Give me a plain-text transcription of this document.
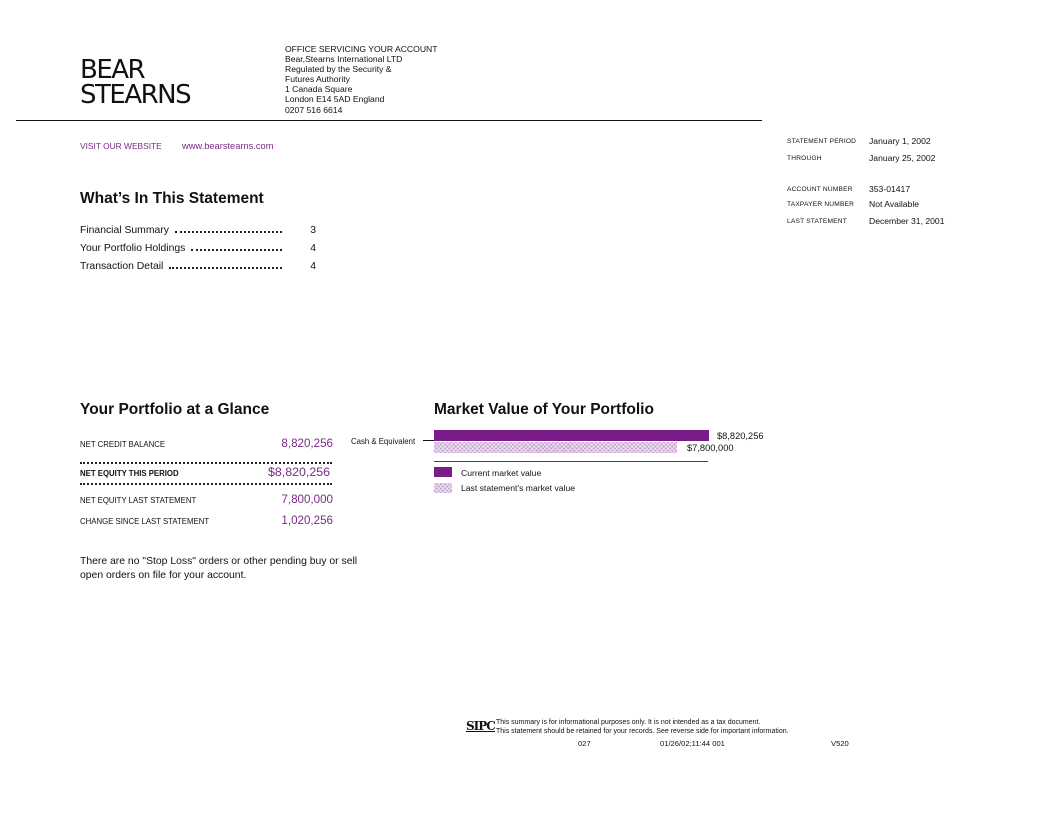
BEAR
STEARNS
OFFICE SERVICING YOUR ACCOUNT
Bear,Stearns International LTD
Regulated by the Security &
Futures Authority
1 Canada Square
London E14 5AD England
0207 516 6614
VISIT OUR WEBSITE www.bearstearns.com	STATEMENT PERIOD January 1, 2002
THROUGH	January 25, 2002
ACCOUNT NUMBER 353-01417
TAXPAYER NUMBER Not Available
LAST STATEMENT	December 31, 2001
What’s In This Statement
Financial Summary	3
Your Portfolio Holdings	4
Transaction Detail	4
Your Portfolio at a Glance
NET CREDIT BALANCE	8,820,256
NET EQUITY THIS PERIOD	$8,820,256
NET EQUITY LAST STATEMENT	7,800,000
CHANGE SINCE LAST STATEMENT	1,020,256
There are no "Stop Loss" orders or other pending buy or sell open orders on file for your account.
Market Value of Your Portfolio
Cash & Equivalent
$8,820,256
$7,800,000
Current market value
Last statement’s market value
SIPC This summary is for informational purposes only. It is not intended as a tax document.
This statement should be retained for your records. See reverse side for important information.
027	01/26/02;11:44 001	V520
